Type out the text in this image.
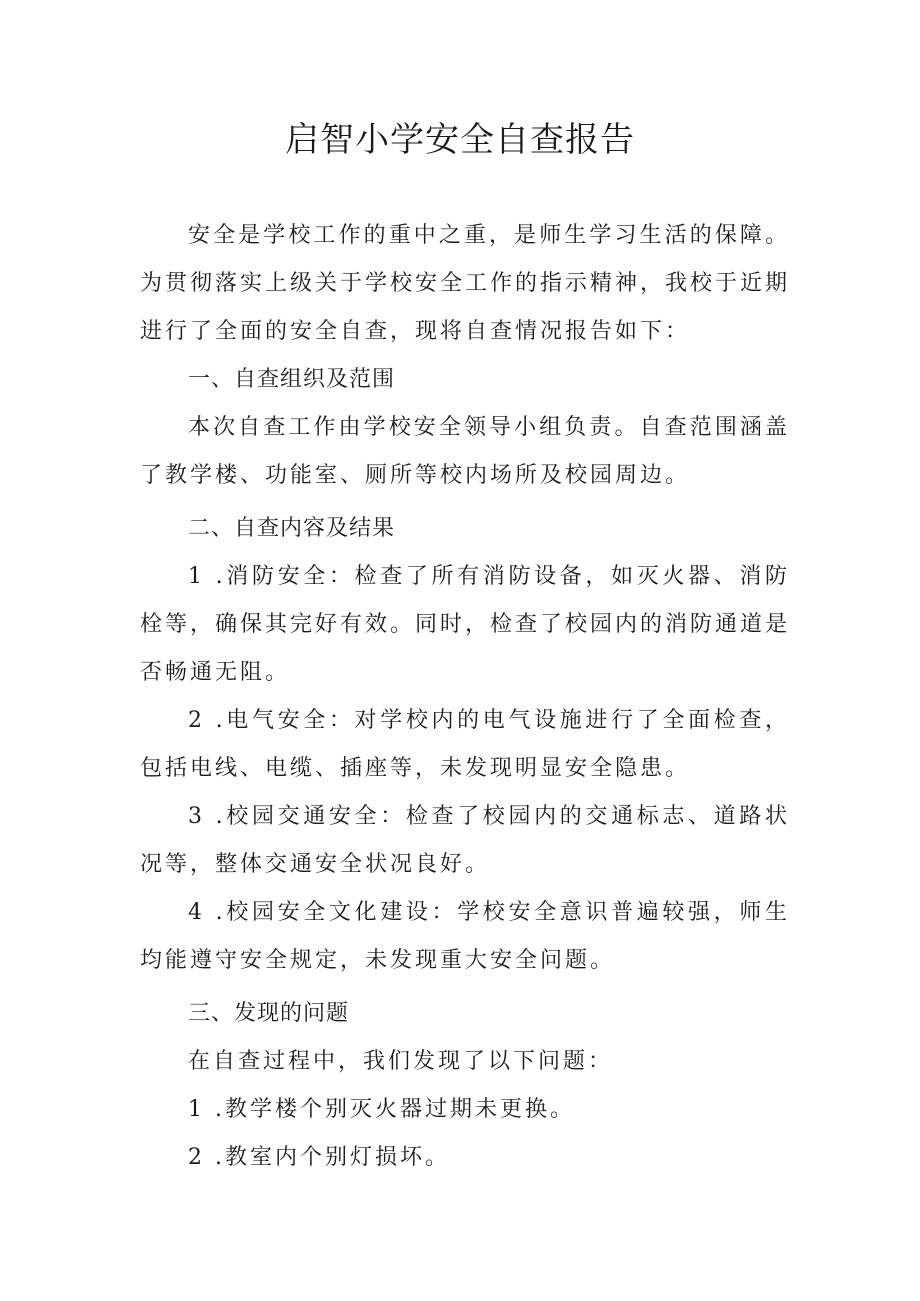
启智小学安全自查报告

安全是学校工作的重中之重，是师生学习生活的保障。为贯彻落实上级关于学校安全工作的指示精神，我校于近期进行了全面的安全自查，现将自查情况报告如下：

一、自查组织及范围

本次自查工作由学校安全领导小组负责。自查范围涵盖了教学楼、功能室、厕所等校内场所及校园周边。

二、自查内容及结果

1 .消防安全：检查了所有消防设备，如灭火器、消防栓等，确保其完好有效。同时，检查了校园内的消防通道是否畅通无阻。

2 .电气安全：对学校内的电气设施进行了全面检查，包括电线、电缆、插座等，未发现明显安全隐患。

3 .校园交通安全：检查了校园内的交通标志、道路状况等，整体交通安全状况良好。

4 .校园安全文化建设：学校安全意识普遍较强，师生均能遵守安全规定，未发现重大安全问题。

三、发现的问题

在自查过程中，我们发现了以下问题：

1 .教学楼个别灭火器过期未更换。

2 .教室内个别灯损坏。
